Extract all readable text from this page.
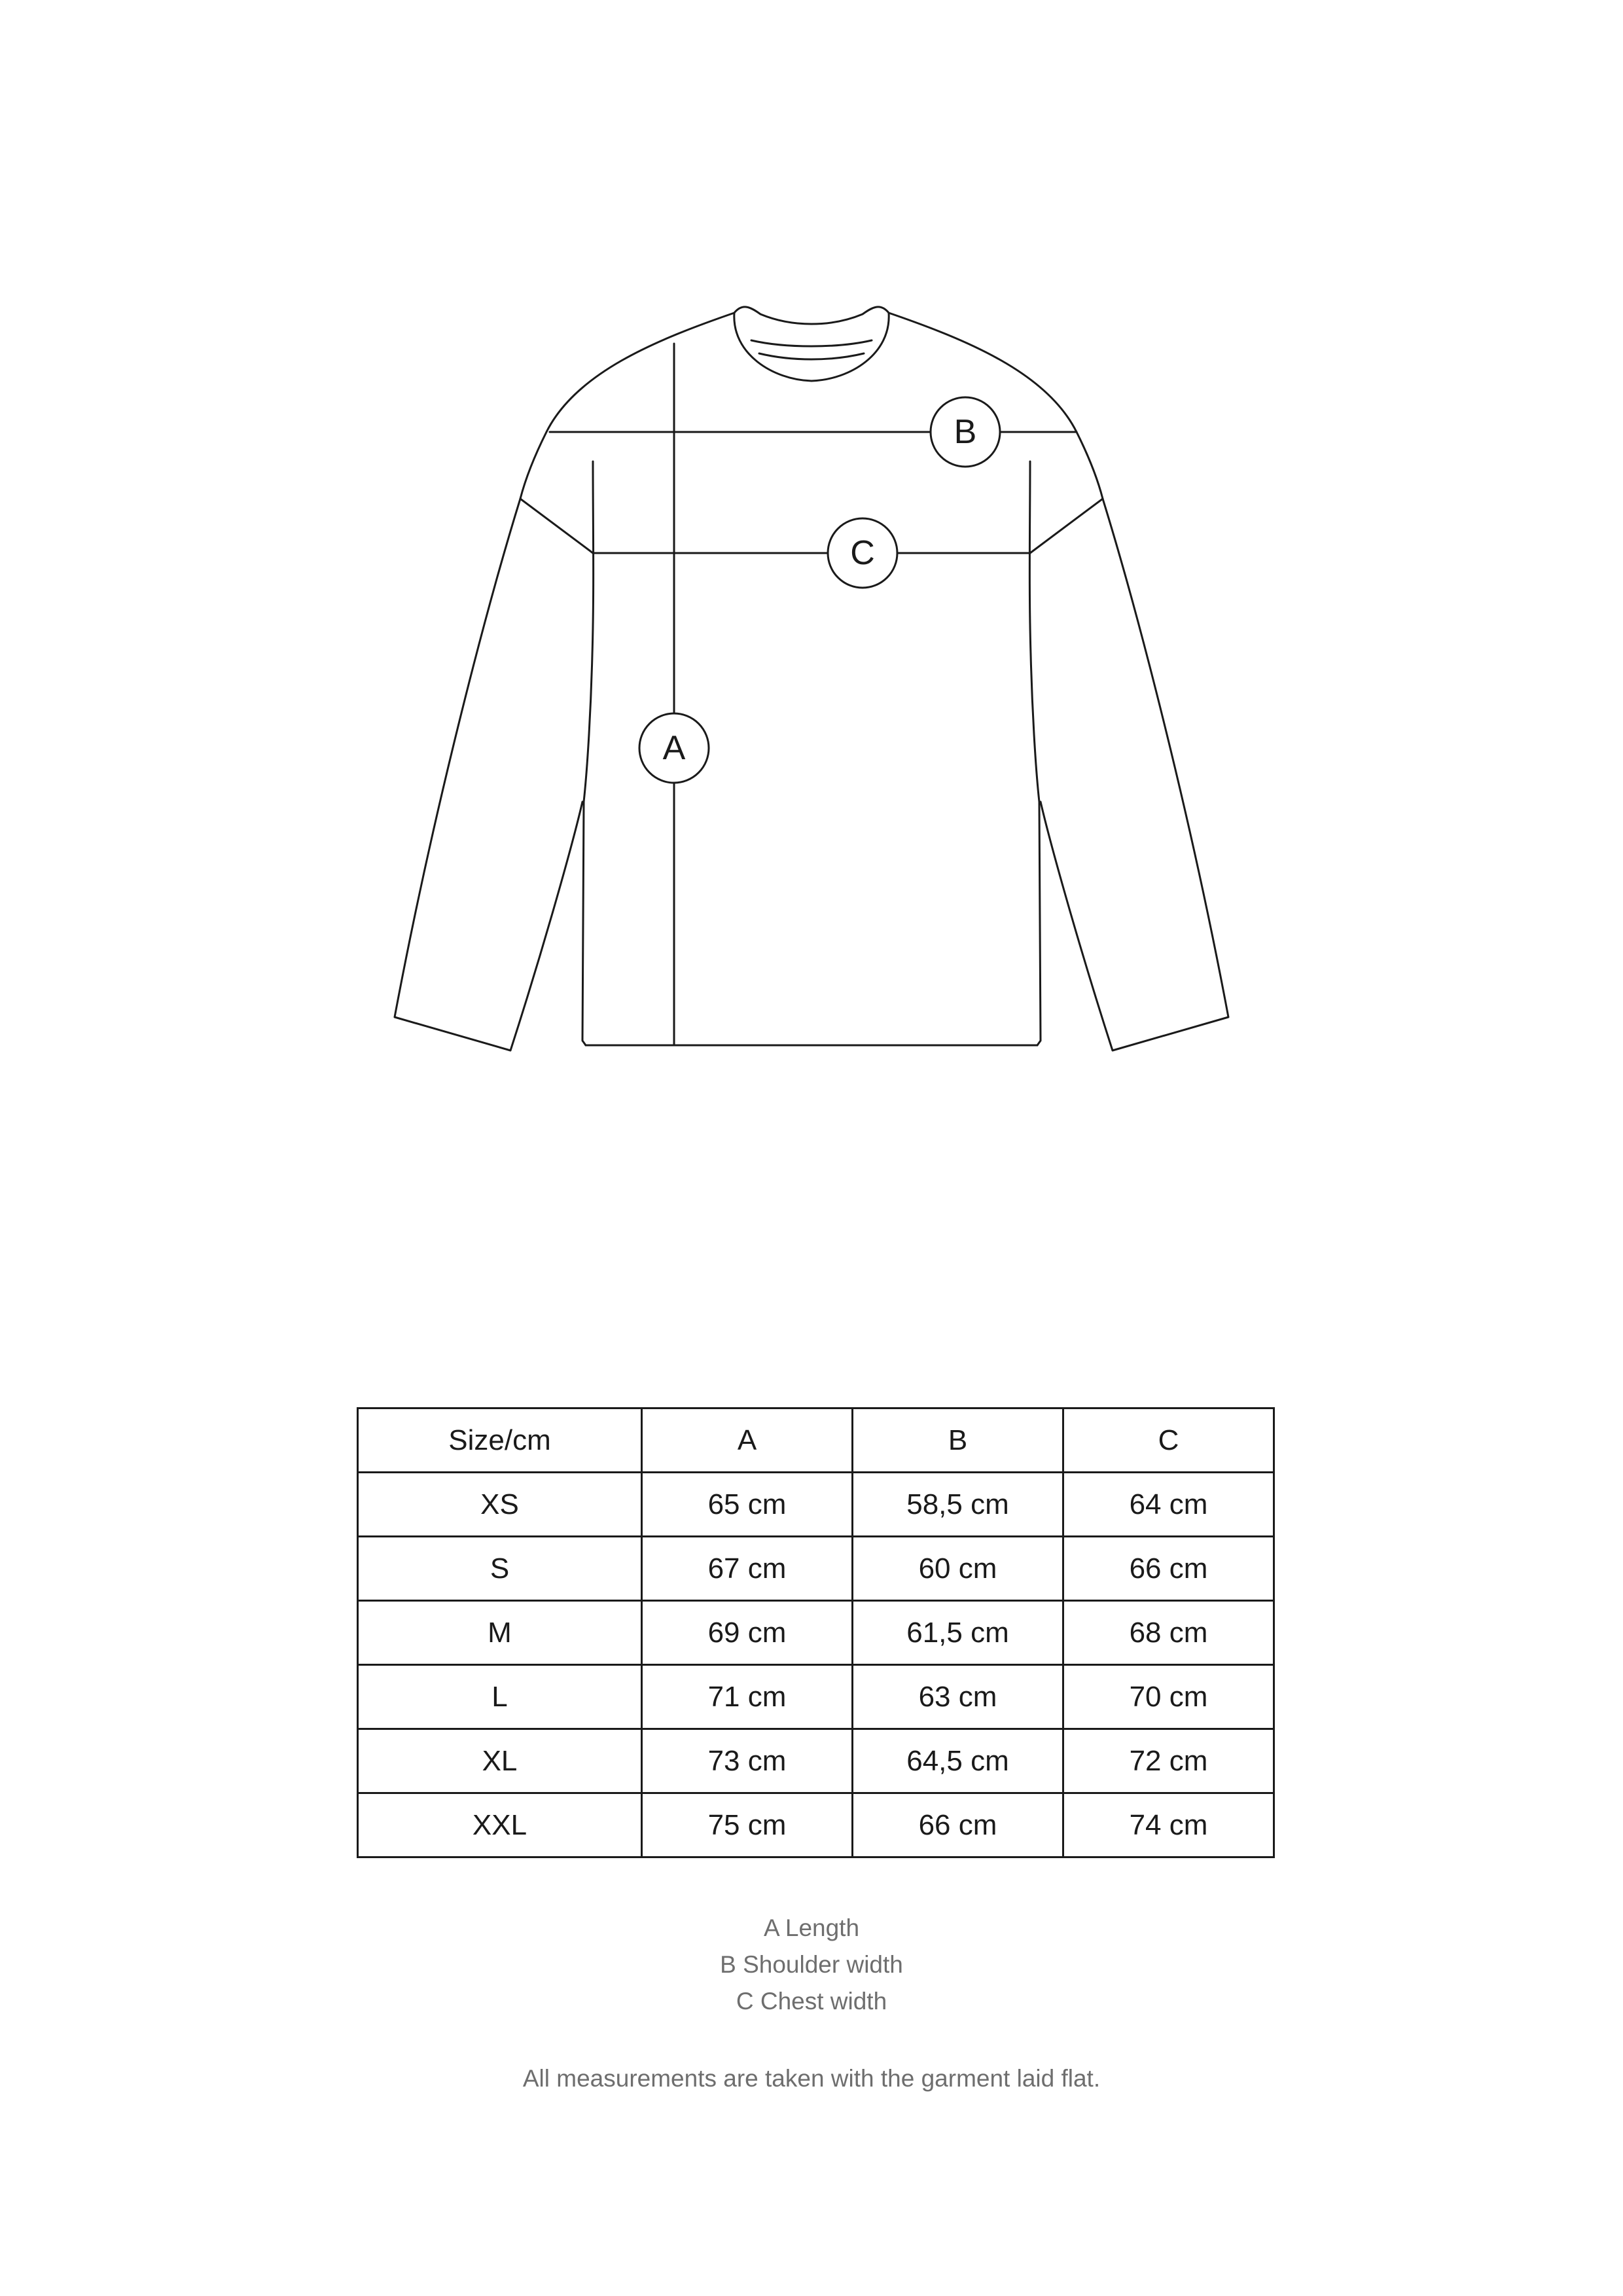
A
B
C
Size/cm	A	B	C
XS	65 cm	58,5 cm	64 cm
S	67 cm	60 cm	66 cm
M	69 cm	61,5 cm	68 cm
L	71 cm	63 cm	70 cm
XL	73 cm	64,5 cm	72 cm
XXL	75 cm	66 cm	74 cm
A Length
B Shoulder width
C Chest width
All measurements are taken with the garment laid flat.
